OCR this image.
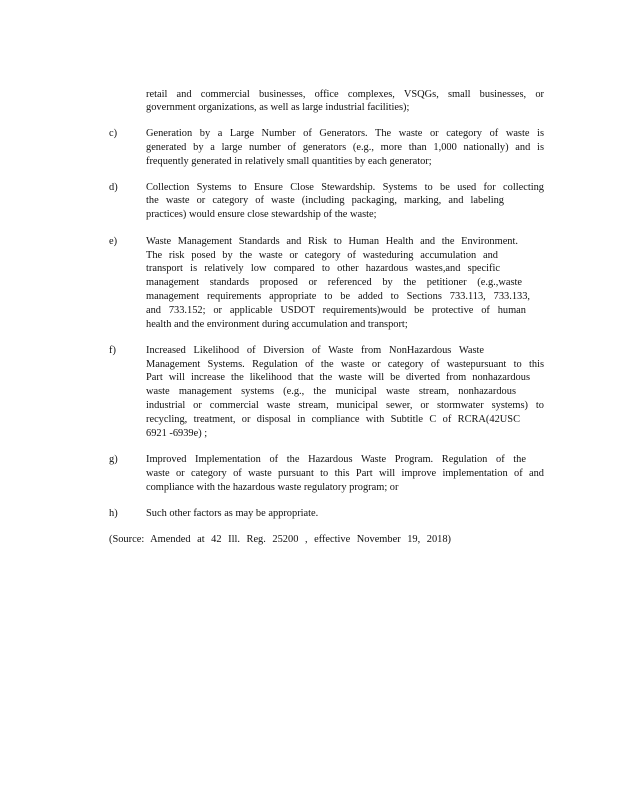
retail and commercial businesses, office complexes, VSQGs, small businesses, or
government organizations, as well as large industrial facilities);
c)	Generation by a Large Number of Generators. The waste or category of waste is
generated by a large number of generators (e.g., more than 1,000 nationally) and is
frequently generated in relatively small quantities by each generator;
d)	Collection Systems to Ensure Close Stewardship. Systems to be used for collecting
the waste or category of waste (including packaging, marking, and labeling
practices) would ensure close stewardship of the waste;
e)	Waste Management Standards and Risk to Human Health and the Environment.
The risk posed by the waste or category of wasteduring accumulation and
transport is relatively low compared to other hazardous wastes,and specific
management standards proposed or referenced by the petitioner (e.g.,waste
management requirements appropriate to be added to Sections 733.113, 733.133,
and 733.152; or applicable USDOT requirements)would be protective of human
health and the environment during accumulation and transport;
f)	Increased Likelihood of Diversion of Waste from NonHazardous Waste
Management Systems. Regulation of the waste or category of wastepursuant to this
Part will increase the likelihood that the waste will be diverted from nonhazardous
waste management systems (e.g., the municipal waste stream, nonhazardous
industrial or commercial waste stream, municipal sewer, or stormwater systems) to
recycling, treatment, or disposal in compliance with Subtitle C of RCRA(42USC
6921 -6939e) ;
g)	Improved Implementation of the Hazardous Waste Program. Regulation of the
waste or category of waste pursuant to this Part will improve implementation of and
compliance with the hazardous waste regulatory program; or
h)	Such other factors as may be appropriate.
(Source: Amended at 42 Ill. Reg. 25200 , effective November 19, 2018)
